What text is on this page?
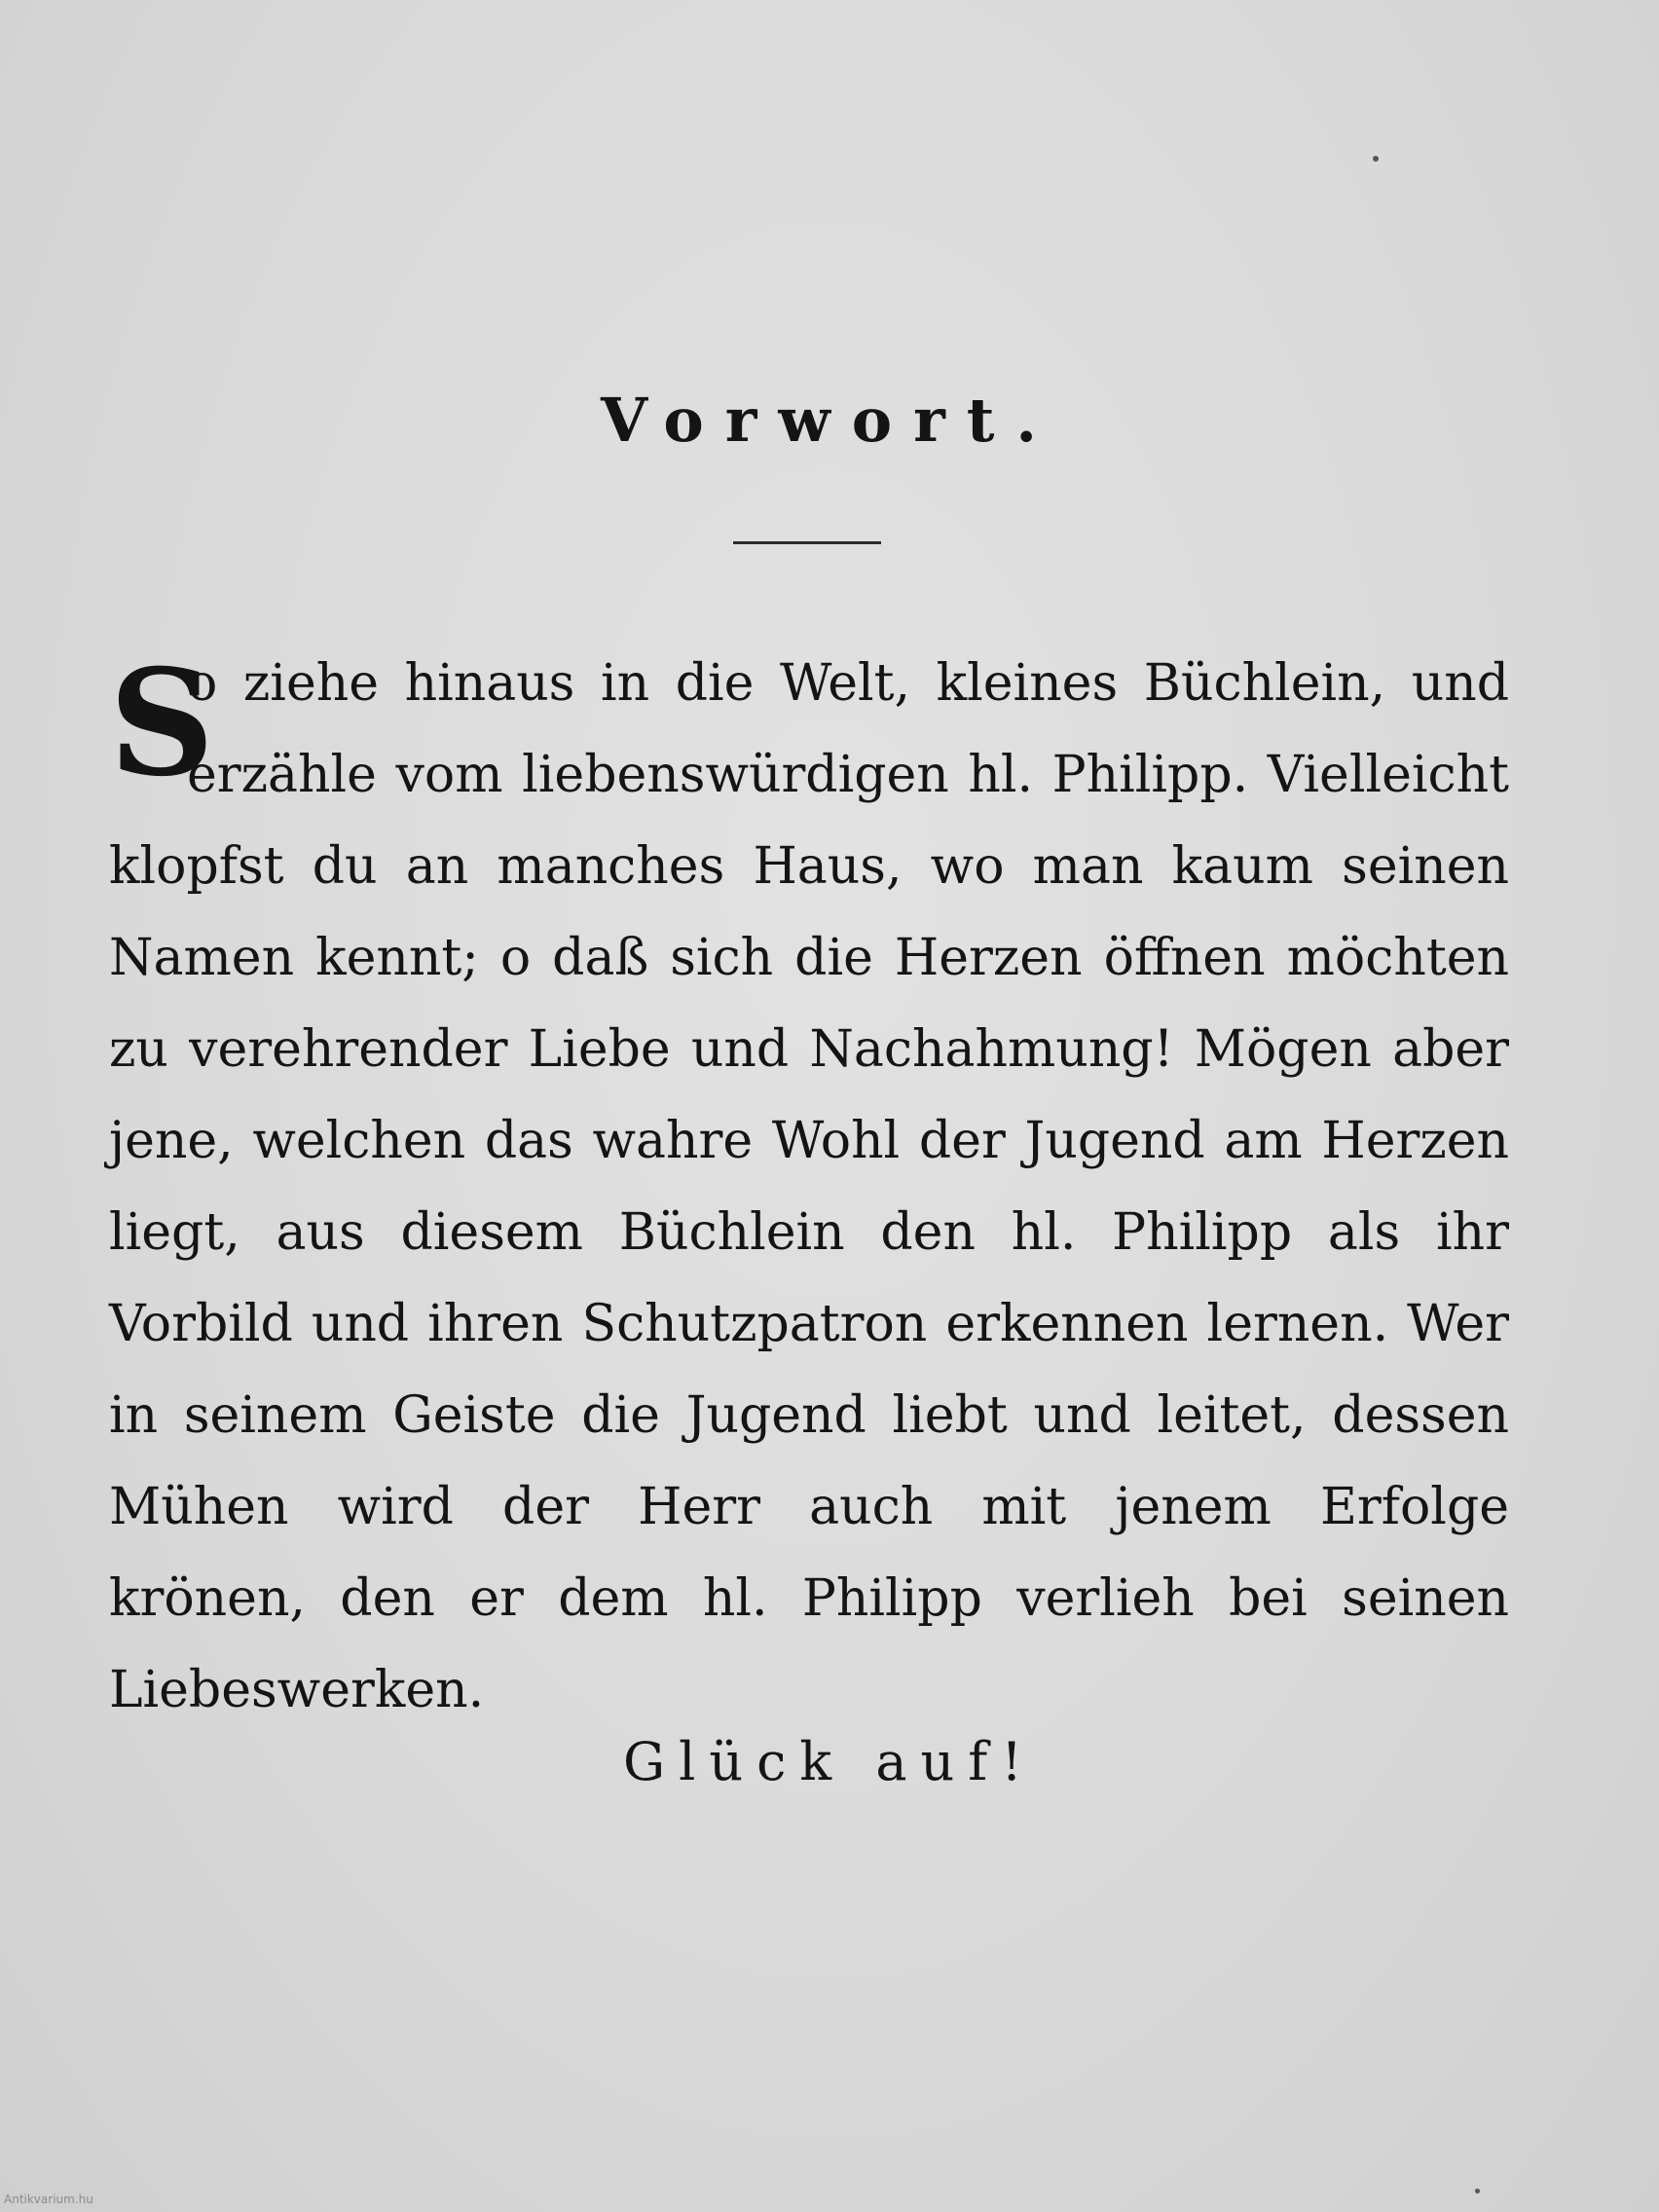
Vorwort.
S
o ziehe hinaus in die Welt, kleines Büchlein, und
erzähle vom liebenswürdigen hl. Philipp. Vielleicht
klopfst du an manches Haus, wo man kaum seinen
Namen kennt; o daß sich die Herzen öffnen möchten
zu verehrender Liebe und Nachahmung! Mögen aber
jene, welchen das wahre Wohl der Jugend am Herzen
liegt, aus diesem Büchlein den hl. Philipp als ihr
Vorbild und ihren Schutzpatron erkennen lernen. Wer
in seinem Geiste die Jugend liebt und leitet, dessen
Mühen wird der Herr auch mit jenem Erfolge
krönen, den er dem hl. Philipp verlieh bei seinen
Liebeswerken.
Glück auf!
Antikvarium.hu
